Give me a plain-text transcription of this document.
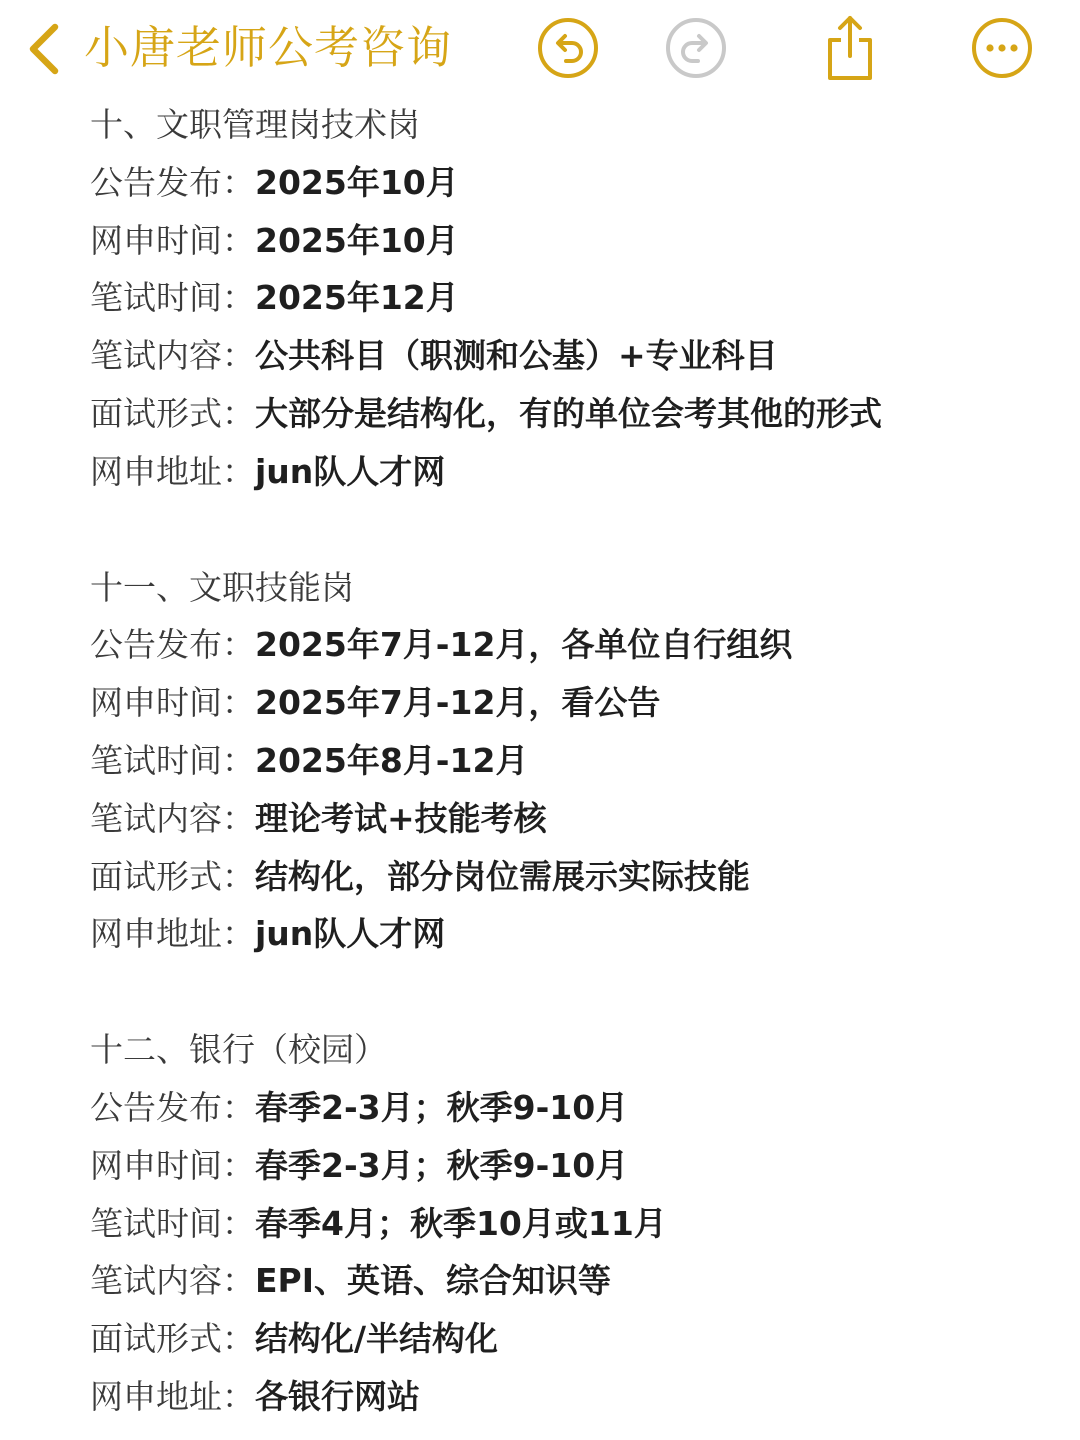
小唐老师公考咨询
十、文职管理岗技术岗
公告发布：2025年10月
网申时间：2025年10月
笔试时间：2025年12月
笔试内容：公共科目（职测和公基）+专业科目
面试形式：大部分是结构化，有的单位会考其他的形式
网申地址：jun队人才网
十一、文职技能岗
公告发布：2025年7月-12月，各单位自行组织
网申时间：2025年7月-12月，看公告
笔试时间：2025年8月-12月
笔试内容：理论考试+技能考核
面试形式：结构化，部分岗位需展示实际技能
网申地址：jun队人才网
十二、银行（校园）
公告发布：春季2-3月；秋季9-10月
网申时间：春季2-3月；秋季9-10月
笔试时间：春季4月；秋季10月或11月
笔试内容：EPI、英语、综合知识等
面试形式：结构化/半结构化
网申地址：各银行网站
